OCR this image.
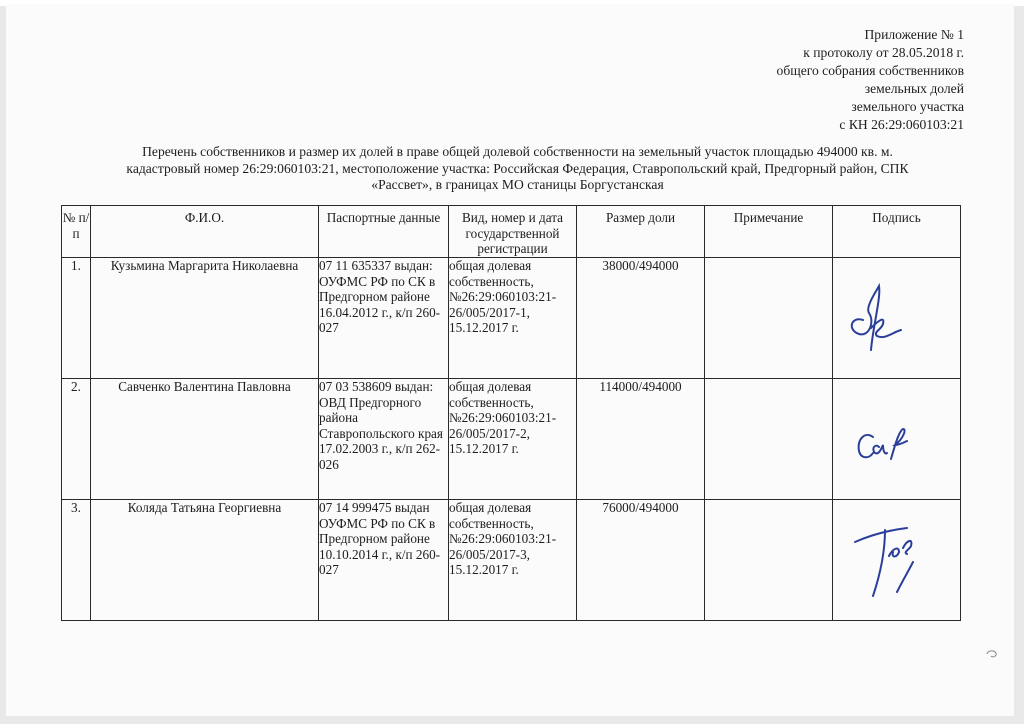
Приложение № 1
к протоколу от 28.05.2018 г.
общего собрания собственников
земельных долей
земельного участка
с КН 26:29:060103:21
Перечень собственников и размер их долей в праве общей долевой собственности на земельный участок площадью 494000 кв. м.
кадастровый номер 26:29:060103:21, местоположение участка: Российская Федерация, Ставропольский край, Предгорный район, СПК
«Рассвет», в границах МО станицы Боргустанская
№ п/п	Ф.И.О.	Паспортные данные	Вид, номер и дата государственной регистрации	Размер доли	Примечание	Подпись
1.	Кузьмина Маргарита Николаевна	07 11 635337 выдан: ОУФМС РФ по СК в Предгорном районе 16.04.2012 г., к/п 260-027	общая долевая собственность, №26:29:060103:21-26/005/2017-1, 15.12.2017 г.	38000/494000		

2.	Савченко Валентина Павловна	07 03 538609 выдан: ОВД Предгорного района Ставропольского края 17.02.2003 г., к/п 262-026	общая долевая собственность, №26:29:060103:21-26/005/2017-2, 15.12.2017 г.	114000/494000		

3.	Коляда Татьяна Георгиевна	07 14 999475 выдан ОУФМС РФ по СК в Предгорном районе 10.10.2014 г., к/п 260-027	общая долевая собственность, №26:29:060103:21-26/005/2017-3, 15.12.2017 г.	76000/494000		
